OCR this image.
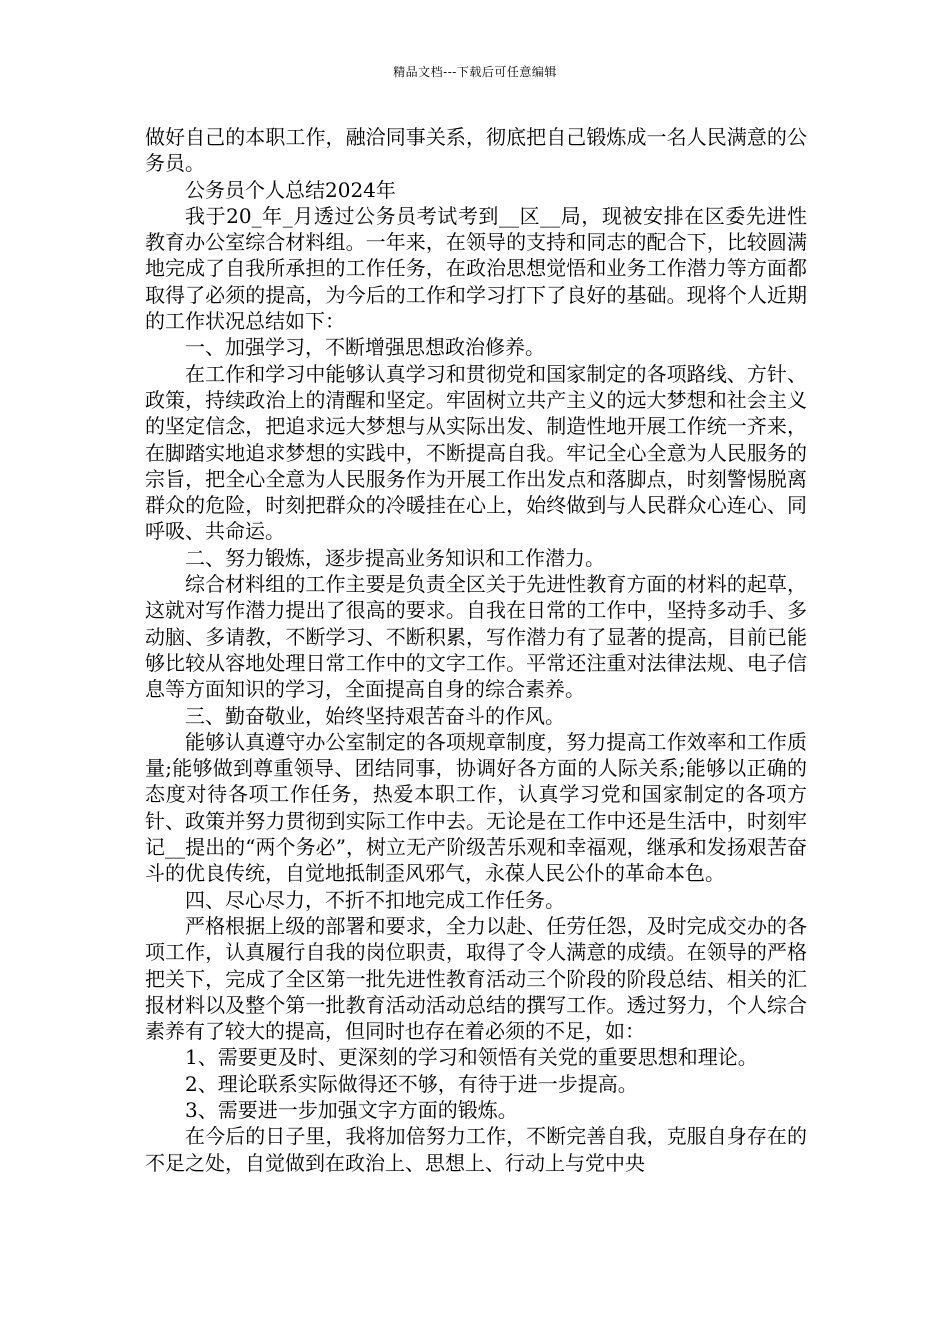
精品文档---下载后可任意编辑

做好自己的本职工作，融洽同事关系，彻底把自己锻炼成一名人民满意的公务员。

公务员个人总结2024年

我于20_年_月透过公务员考试考到__区__局，现被安排在区委先进性教育办公室综合材料组。一年来，在领导的支持和同志的配合下，比较圆满地完成了自我所承担的工作任务，在政治思想觉悟和业务工作潜力等方面都取得了必须的提高，为今后的工作和学习打下了良好的基础。现将个人近期的工作状况总结如下：

一、加强学习，不断增强思想政治修养。

在工作和学习中能够认真学习和贯彻党和国家制定的各项路线、方针、政策，持续政治上的清醒和坚定。牢固树立共产主义的远大梦想和社会主义的坚定信念，把追求远大梦想与从实际出发、制造性地开展工作统一齐来，在脚踏实地追求梦想的实践中，不断提高自我。牢记全心全意为人民服务的宗旨，把全心全意为人民服务作为开展工作出发点和落脚点，时刻警惕脱离群众的危险，时刻把群众的冷暖挂在心上，始终做到与人民群众心连心、同呼吸、共命运。

二、努力锻炼，逐步提高业务知识和工作潜力。

综合材料组的工作主要是负责全区关于先进性教育方面的材料的起草，这就对写作潜力提出了很高的要求。自我在日常的工作中，坚持多动手、多动脑、多请教，不断学习、不断积累，写作潜力有了显著的提高，目前已能够比较从容地处理日常工作中的文字工作。平常还注重对法律法规、电子信息等方面知识的学习，全面提高自身的综合素养。

三、勤奋敬业，始终坚持艰苦奋斗的作风。

能够认真遵守办公室制定的各项规章制度，努力提高工作效率和工作质量;能够做到尊重领导、团结同事，协调好各方面的人际关系;能够以正确的态度对待各项工作任务，热爱本职工作，认真学习党和国家制定的各项方针、政策并努力贯彻到实际工作中去。无论是在工作中还是生活中，时刻牢记__提出的“两个务必”，树立无产阶级苦乐观和幸福观，继承和发扬艰苦奋斗的优良传统，自觉地抵制歪风邪气，永葆人民公仆的革命本色。

四、尽心尽力，不折不扣地完成工作任务。

严格根据上级的部署和要求，全力以赴、任劳任怨，及时完成交办的各项工作，认真履行自我的岗位职责，取得了令人满意的成绩。在领导的严格把关下，完成了全区第一批先进性教育活动三个阶段的阶段总结、相关的汇报材料以及整个第一批教育活动活动总结的撰写工作。透过努力，个人综合素养有了较大的提高，但同时也存在着必须的不足，如：

1、需要更及时、更深刻的学习和领悟有关党的重要思想和理论。

2、理论联系实际做得还不够，有待于进一步提高。

3、需要进一步加强文字方面的锻炼。

在今后的日子里，我将加倍努力工作，不断完善自我，克服自身存在的不足之处，自觉做到在政治上、思想上、行动上与党中央
